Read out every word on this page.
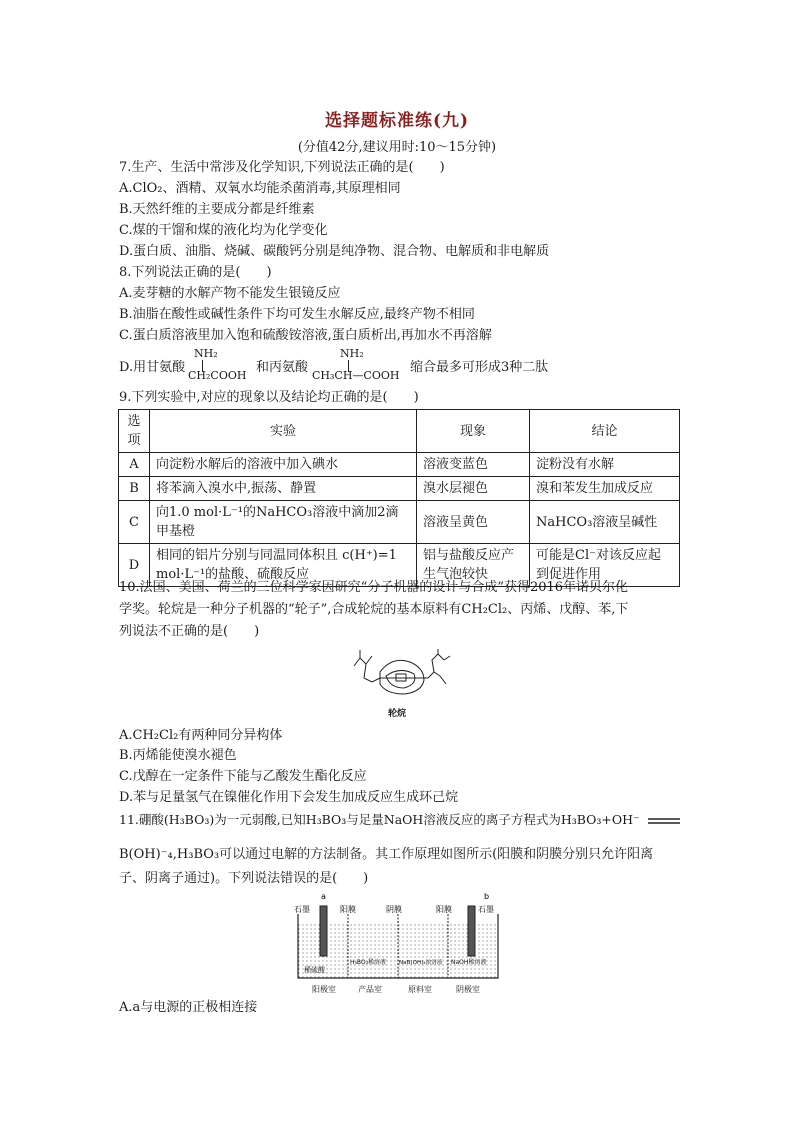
选择题标准练(九)
(分值42分,建议用时:10～15分钟)
7.生产、生活中常涉及化学知识,下列说法正确的是(　　)
A.ClO₂、酒精、双氧水均能杀菌消毒,其原理相同
B.天然纤维的主要成分都是纤维素
C.煤的干馏和煤的液化均为化学变化
D.蛋白质、油脂、烧碱、碳酸钙分别是纯净物、混合物、电解质和非电解质
8.下列说法正确的是(　　)
A.麦芽糖的水解产物不能发生银镜反应
B.油脂在酸性或碱性条件下均可发生水解反应,最终产物不相同
C.蛋白质溶液里加入饱和硫酸铵溶液,蛋白质析出,再加水不再溶解
D.用甘氨酸
NH₂
CH₂COOH
和丙氨酸
NH₂
CH₃CH—COOH
缩合最多可形成3种二肽
9.下列实验中,对应的现象以及结论均正确的是(　　)
选项	实验	现象	结论
A	向淀粉水解后的溶液中加入碘水	溶液变蓝色	淀粉没有水解
B	将苯滴入溴水中,振荡、静置	溴水层褪色	溴和苯发生加成反应
C	向1.0 mol·L⁻¹的NaHCO₃溶液中滴加2滴甲基橙	溶液呈黄色	NaHCO₃溶液呈碱性
D	相同的铝片分别与同温同体积且 c(H⁺)=1 mol·L⁻¹的盐酸、硫酸反应	铝与盐酸反应产生气泡较快	可能是Cl⁻对该反应起到促进作用
10.法国、美国、荷兰的三位科学家因研究“分子机器的设计与合成”获得2016年诺贝尔化
学奖。轮烷是一种分子机器的“轮子”,合成轮烷的基本原料有CH₂Cl₂、丙烯、戊醇、苯,下
列说法不正确的是(　　)
轮烷
A.CH₂Cl₂有两种同分异构体
B.丙烯能使溴水褪色
C.戊醇在一定条件下能与乙酸发生酯化反应
D.苯与足量氢气在镍催化作用下会发生加成反应生成环己烷
11.硼酸(H₃BO₃)为一元弱酸,已知H₃BO₃与足量NaOH溶液反应的离子方程式为H₃BO₃+OH⁻
B(OH)⁻₄,H₃BO₃可以通过电解的方法制备。其工作原理如图所示(阳膜和阴膜分别只允许阳离
子、阴离子通过)。下列说法错误的是(　　)
a	b
石墨	石墨
阳膜	阴膜	阳膜
稀硫酸
H₃BO₃稀溶液 NaB(OH)₄浓溶液 NaOH稀溶液
阳极室	产品室	原料室	阴极室
A.a与电源的正极相连接
